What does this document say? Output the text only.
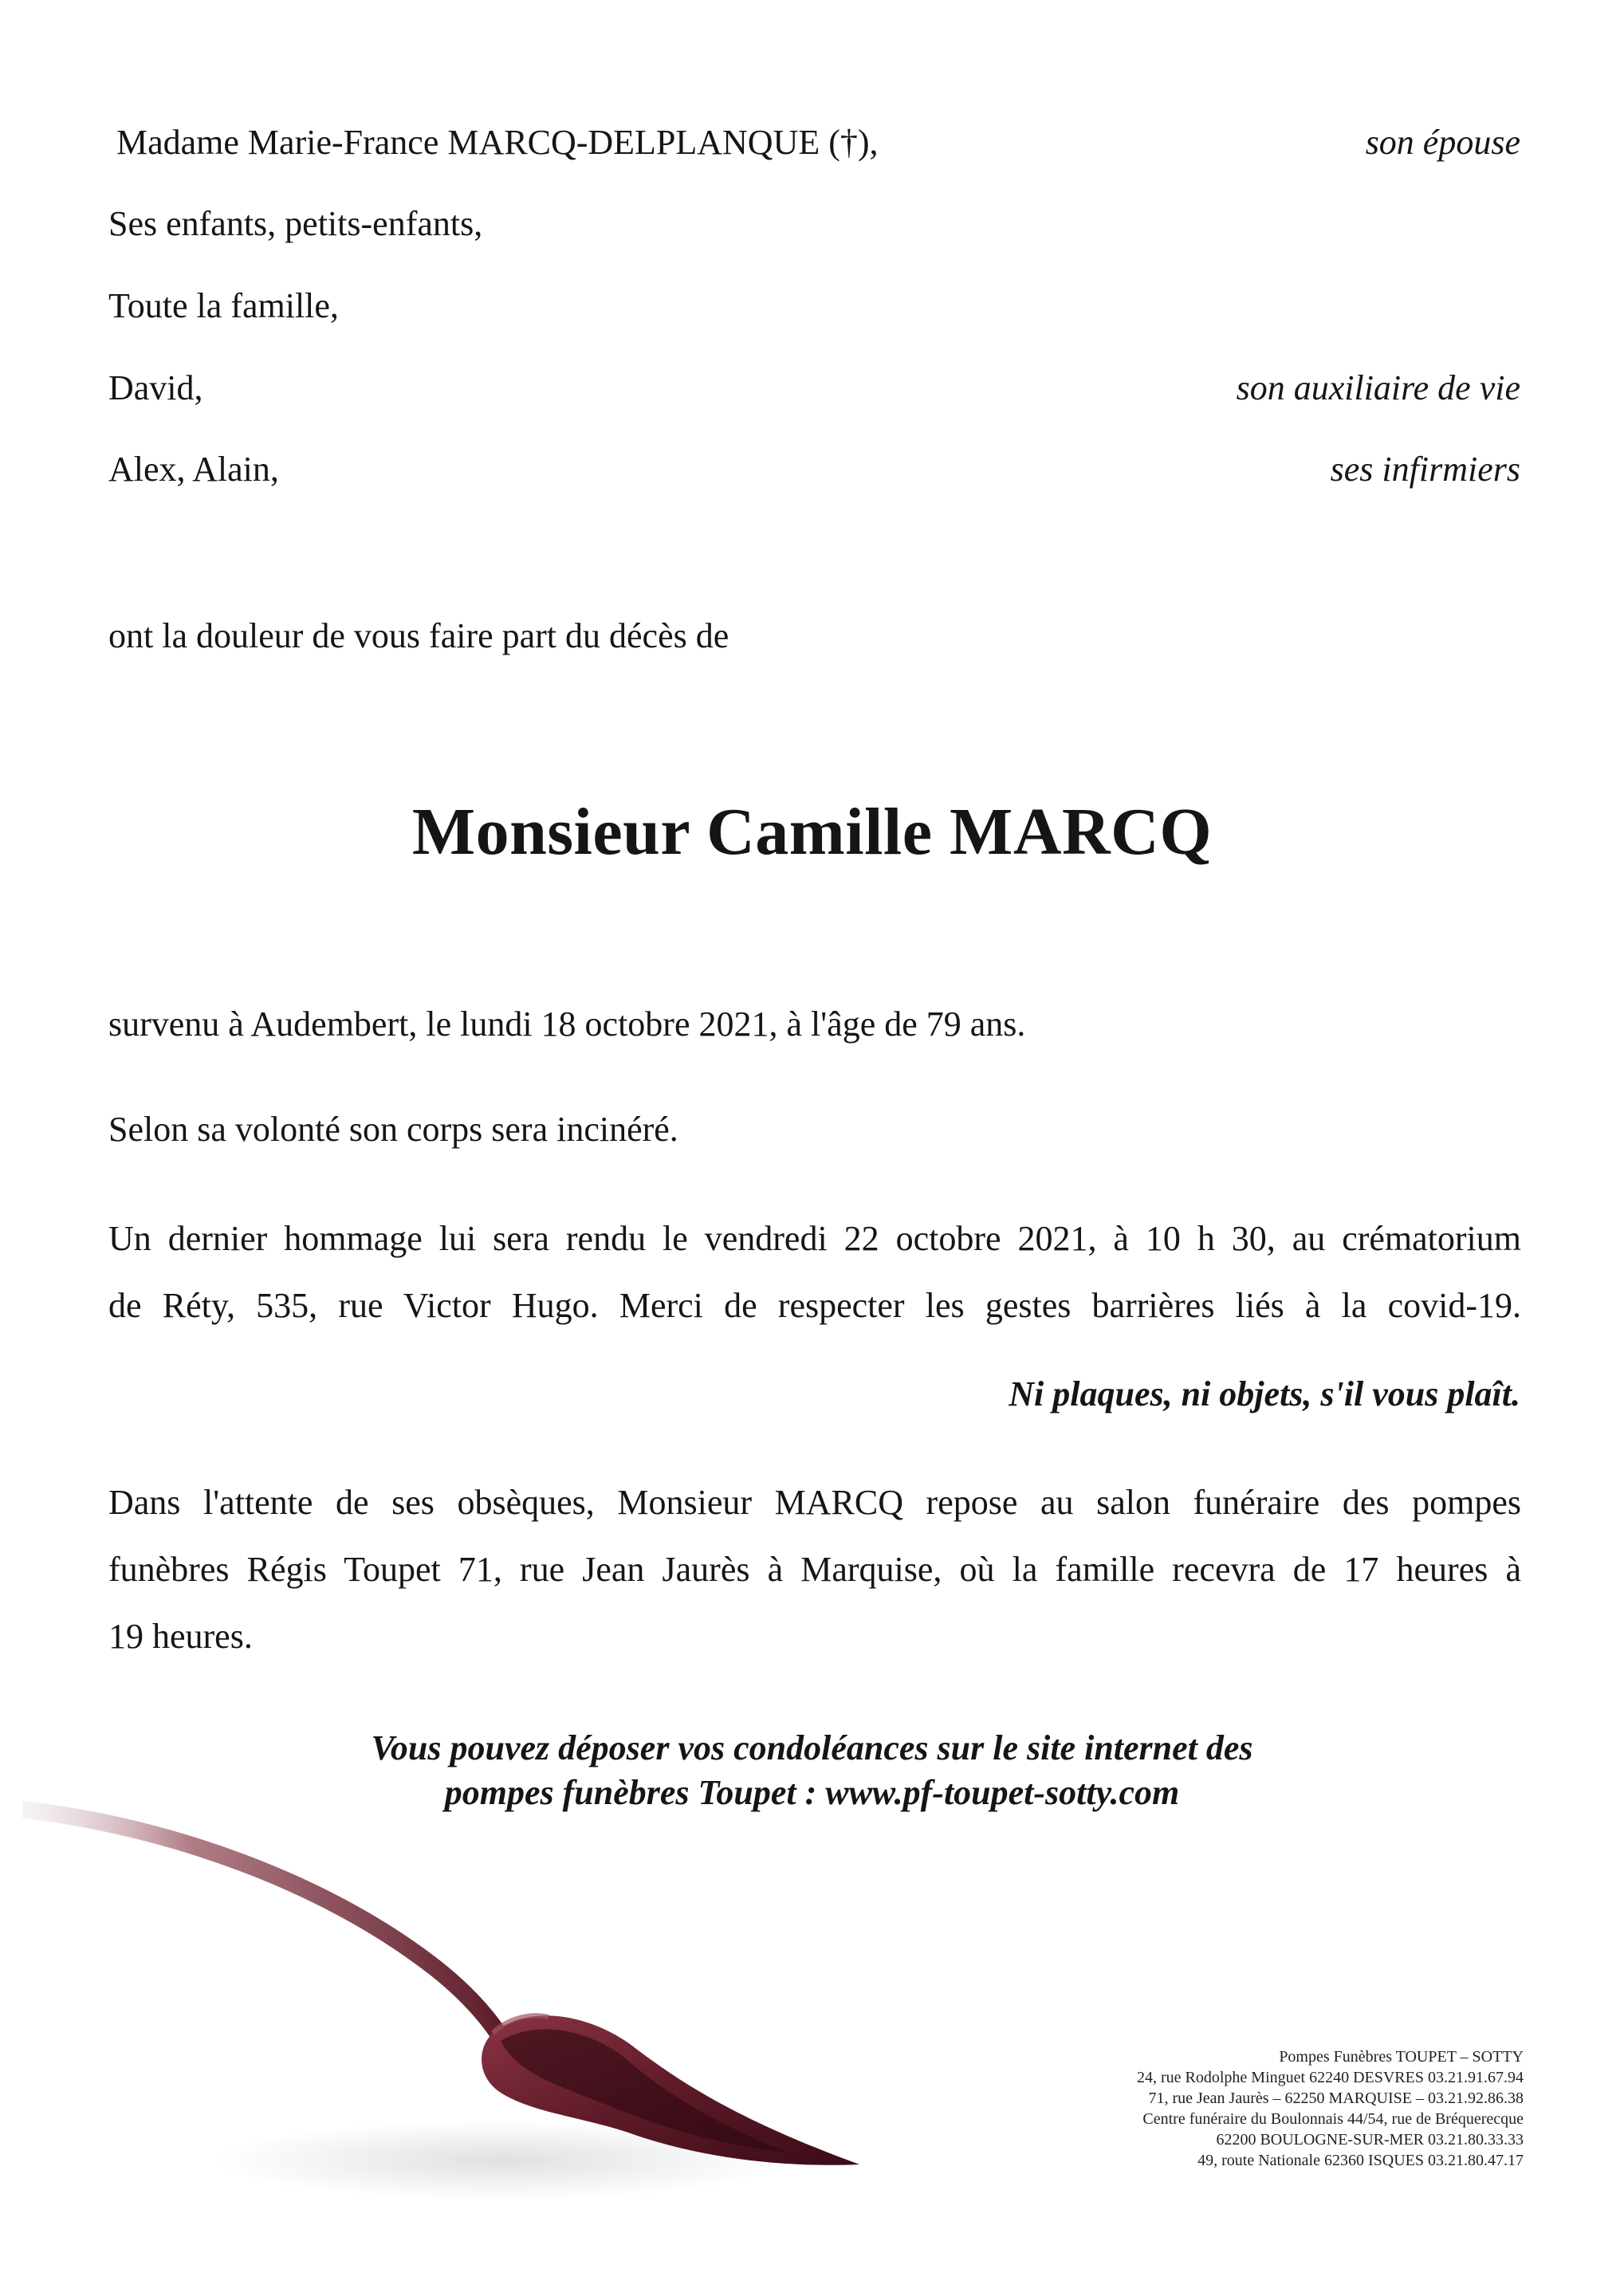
Madame Marie-France MARCQ-DELPLANQUE (†),	son épouse
Ses enfants, petits-enfants,
Toute la famille,
David,	son auxiliaire de vie
Alex, Alain,	ses infirmiers
ont la douleur de vous faire part du décès de
Monsieur Camille MARCQ
survenu à Audembert, le lundi 18 octobre 2021, à l'âge de 79 ans.
Selon sa volonté son corps sera incinéré.
Un dernier hommage lui sera rendu le vendredi 22 octobre 2021, à 10 h 30, au crématorium
de Réty, 535, rue Victor Hugo. Merci de respecter les gestes barrières liés à la covid-19.
Ni plaques, ni objets, s'il vous plaît.
Dans l'attente de ses obsèques, Monsieur MARCQ repose au salon funéraire des pompes
funèbres Régis Toupet 71, rue Jean Jaurès à Marquise, où la famille recevra de 17 heures à
19 heures.
Vous pouvez déposer vos condoléances sur le site internet des
pompes funèbres Toupet : www.pf-toupet-sotty.com
Pompes Funèbres TOUPET – SOTTY
24, rue Rodolphe Minguet 62240 DESVRES 03.21.91.67.94
71, rue Jean Jaurès – 62250 MARQUISE – 03.21.92.86.38
Centre funéraire du Boulonnais 44/54, rue de Bréquerecque
62200 BOULOGNE-SUR-MER 03.21.80.33.33
49, route Nationale 62360 ISQUES 03.21.80.47.17
